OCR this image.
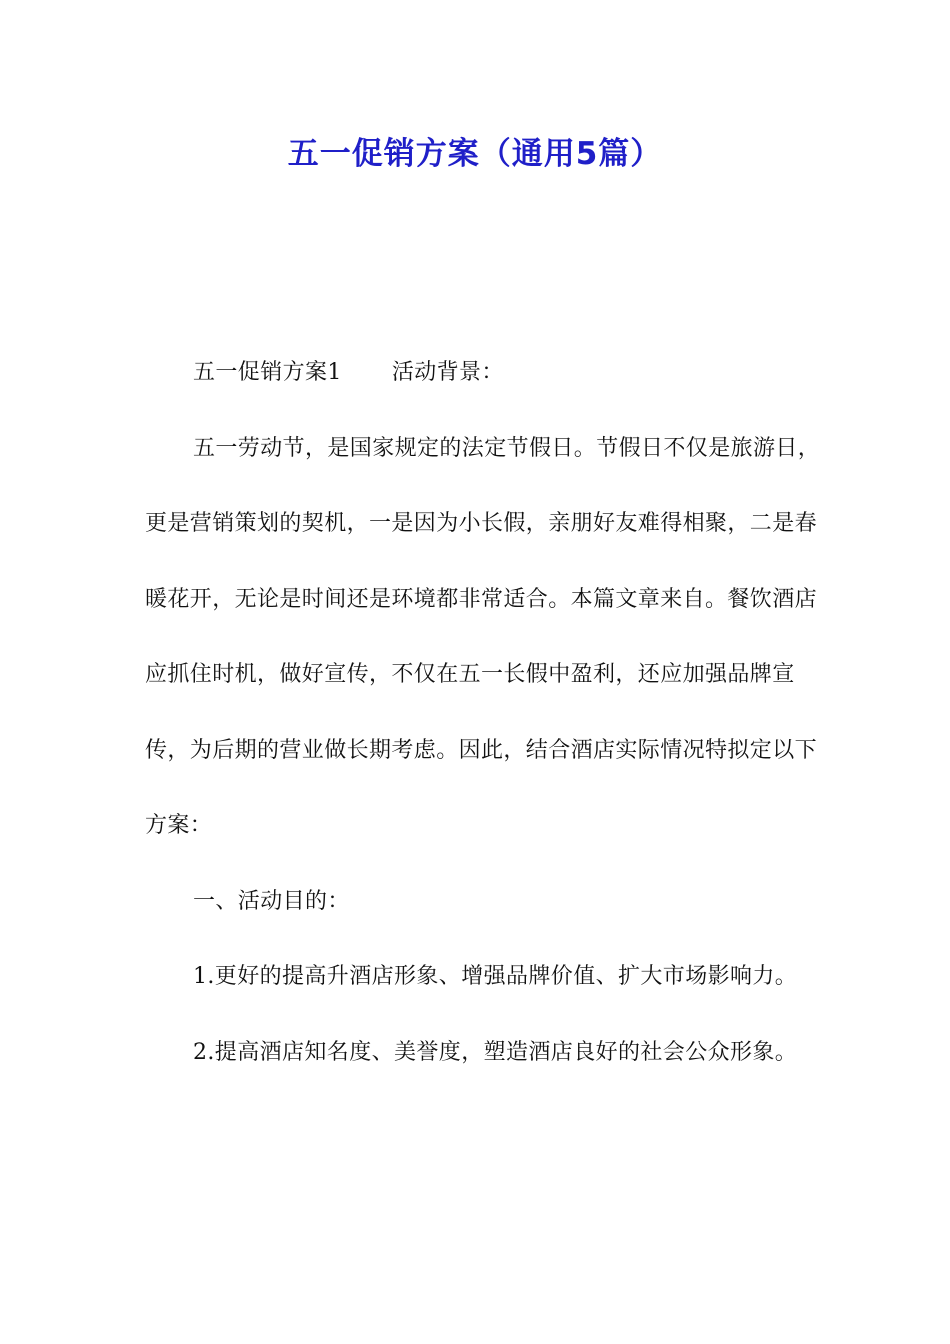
五一促销方案（通用5篇）

五一促销方案1 活动背景：

五一劳动节，是国家规定的法定节假日。节假日不仅是旅游日，更是营销策划的契机，一是因为小长假，亲朋好友难得相聚，二是春暖花开，无论是时间还是环境都非常适合。本篇文章来自。餐饮酒店应抓住时机，做好宣传，不仅在五一长假中盈利，还应加强品牌宣传，为后期的营业做长期考虑。因此，结合酒店实际情况特拟定以下方案：

一、活动目的：

1.更好的提高升酒店形象、增强品牌价值、扩大市场影响力。

2.提高酒店知名度、美誉度，塑造酒店良好的社会公众形象。
